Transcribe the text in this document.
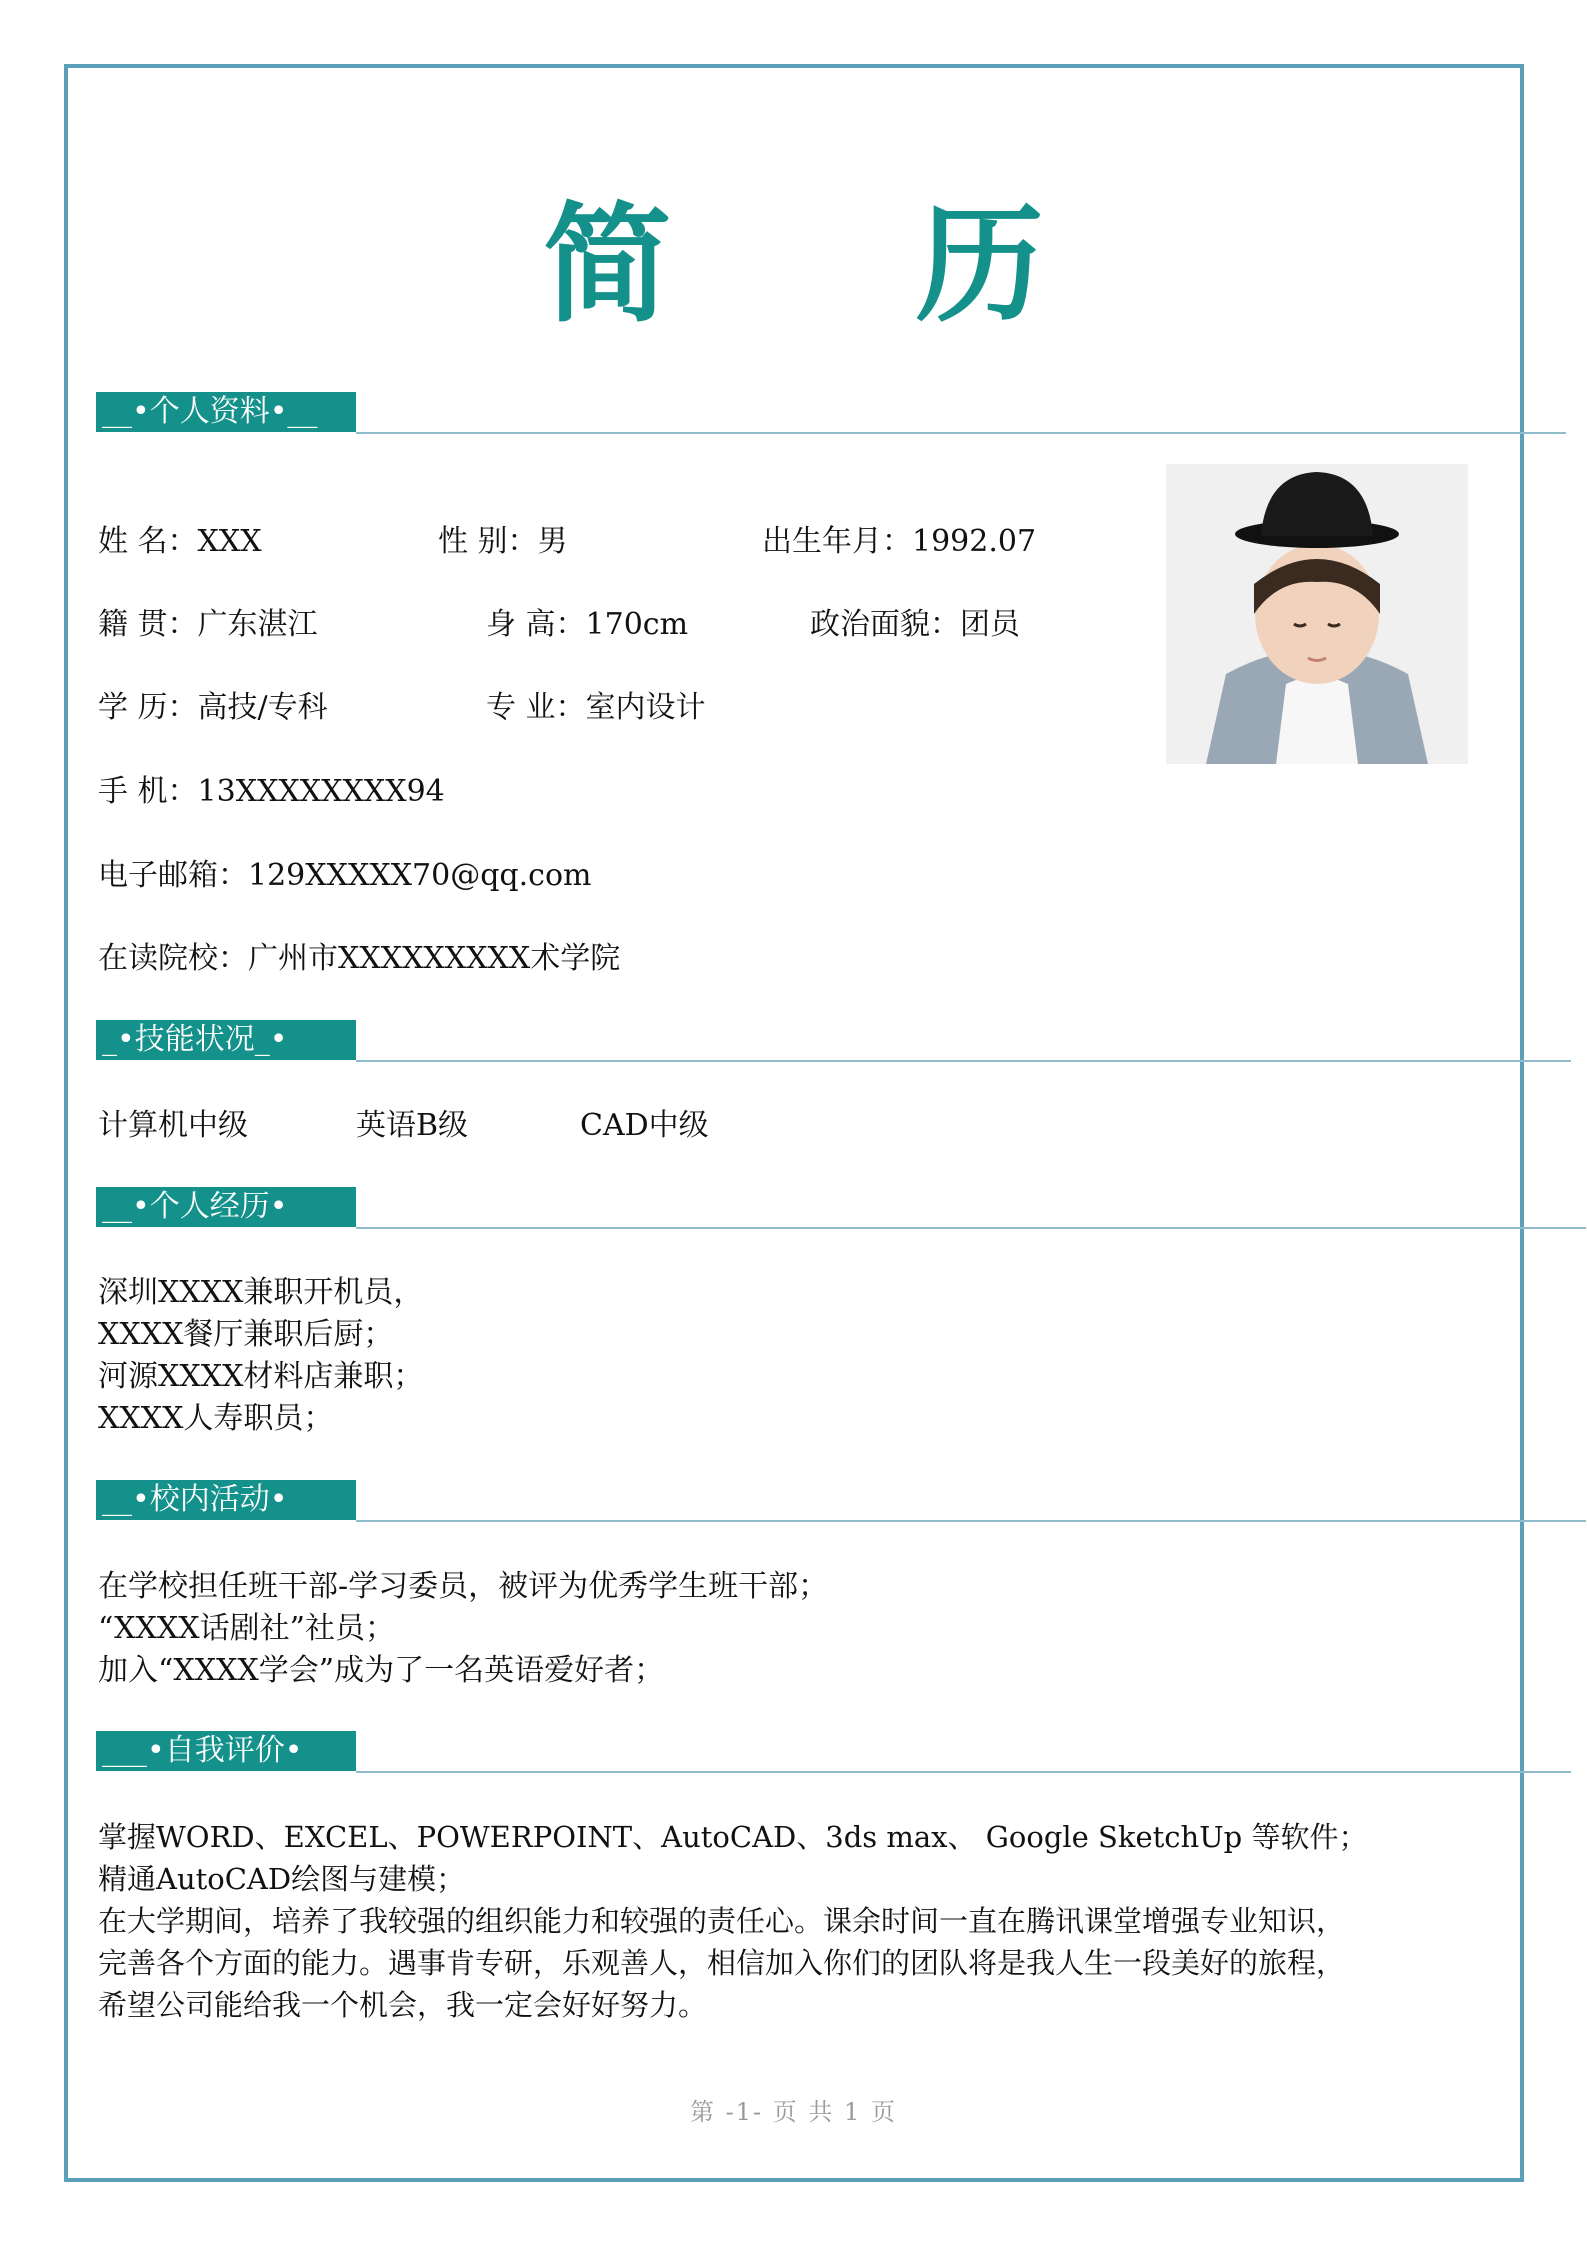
简 历
__•个人资料•__
姓 名：XXX	性 别：男	出生年月：1992.07
籍 贯：广东湛江	身 高：170cm	政治面貌：团员
学 历：高技/专科	专 业：室内设计
手 机：13XXXXXXXX94
电子邮箱：129XXXXX70@qq.com
在读院校：广州市XXXXXXXXX术学院
_•技能状况_•
计算机中级	英语B级	CAD中级
__•个人经历•
深圳XXXX兼职开机员，
XXXX餐厅兼职后厨；
河源XXXX材料店兼职；
XXXX人寿职员；
__•校内活动•
在学校担任班干部-学习委员，被评为优秀学生班干部；
“XXXX话剧社”社员；
加入“XXXX学会”成为了一名英语爱好者；
___•自我评价•
掌握WORD、EXCEL、POWERPOINT、AutoCAD、3ds max、 Google SketchUp 等软件；
精通AutoCAD绘图与建模；
在大学期间，培养了我较强的组织能力和较强的责任心。课余时间一直在腾讯课堂增强专业知识，
完善各个方面的能力。遇事肯专研，乐观善人，相信加入你们的团队将是我人生一段美好的旅程，
希望公司能给我一个机会，我一定会好好努力。
第 -1- 页 共 1 页
